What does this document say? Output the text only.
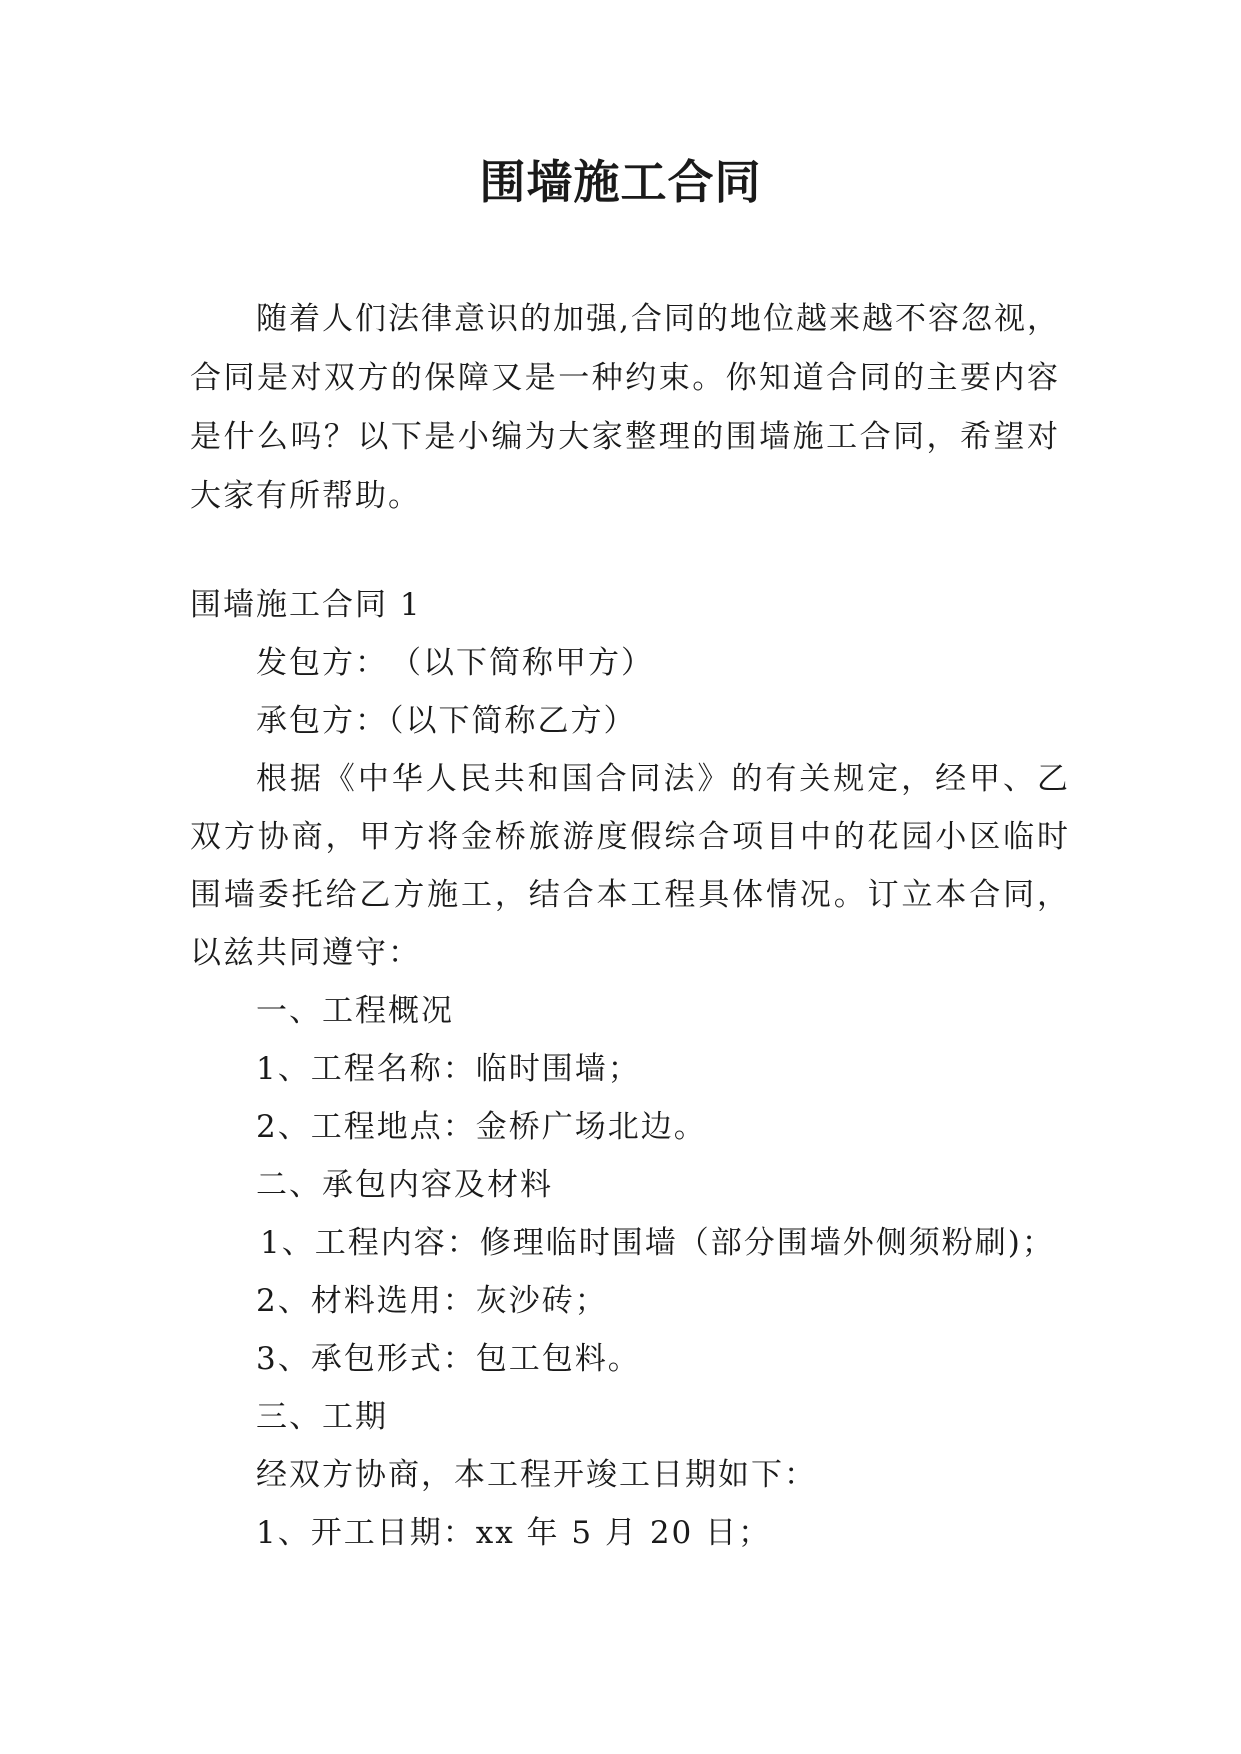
围墙施工合同

随着人们法律意识的加强,合同的地位越来越不容忽视，合同是对双方的保障又是一种约束。你知道合同的主要内容是什么吗？以下是小编为大家整理的围墙施工合同，希望对大家有所帮助。

围墙施工合同 1

发包方：　（以下简称甲方）

承包方：（以下简称乙方）

根据《中华人民共和国合同法》的有关规定，经甲、乙双方协商，甲方将金桥旅游度假综合项目中的花园小区临时围墙委托给乙方施工，结合本工程具体情况。订立本合同，以兹共同遵守：

一、工程概况

1、工程名称：临时围墙；

2、工程地点：金桥广场北边。

二、承包内容及材料

1、工程内容：修理临时围墙（部分围墙外侧须粉刷)；

2、材料选用：灰沙砖；

3、承包形式：包工包料。

三、工期

经双方协商，本工程开竣工日期如下：

1、开工日期：xx 年 5 月 20 日；
